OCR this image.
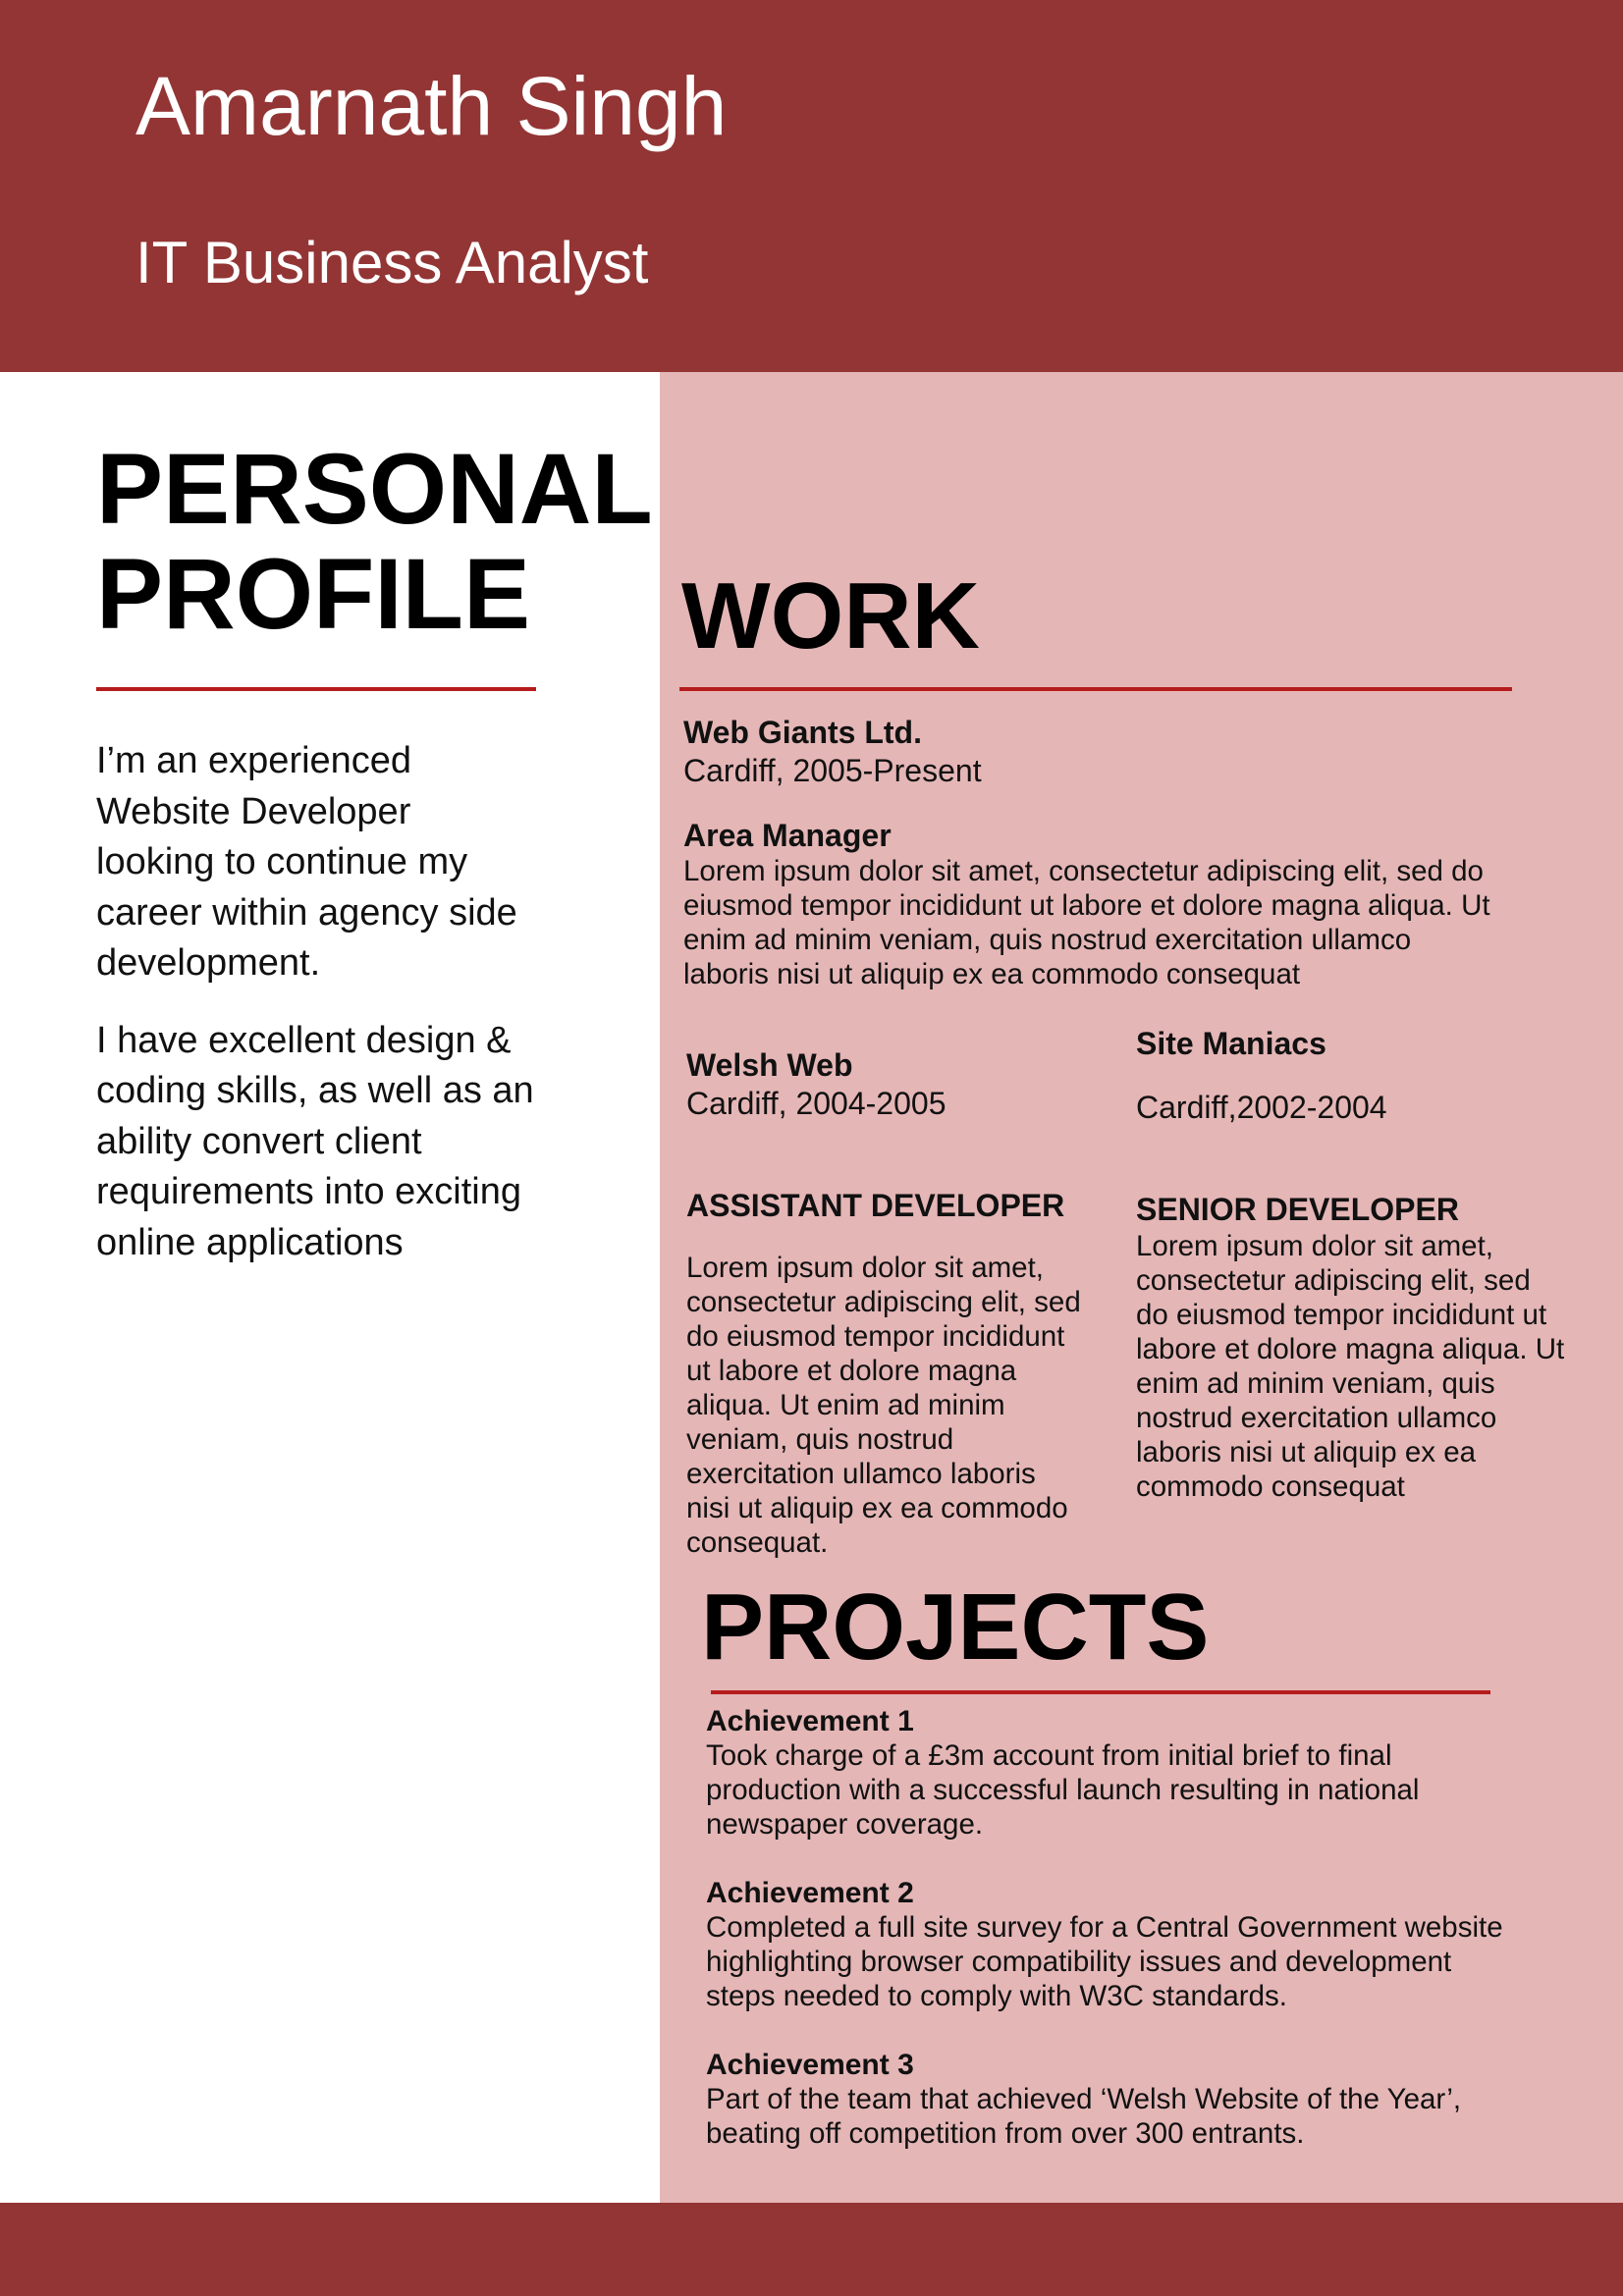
Amarnath Singh
IT Business Analyst
PERSONAL
PROFILE

I’m an experienced
Website Developer
looking to continue my
career within agency side
development.

I have excellent design &
coding skills, as well as an
ability convert client
requirements into exciting
online applications

WORK
Web Giants Ltd.
Cardiff, 2005-Present
Area Manager
Lorem ipsum dolor sit amet, consectetur adipiscing elit, sed do
eiusmod tempor incididunt ut labore et dolore magna aliqua. Ut
enim ad minim veniam, quis nostrud exercitation ullamco
laboris nisi ut aliquip ex ea commodo consequat
Welsh Web
Cardiff, 2004-2005
ASSISTANT DEVELOPER
Lorem ipsum dolor sit amet,
consectetur adipiscing elit, sed
do eiusmod tempor incididunt
ut labore et dolore magna
aliqua. Ut enim ad minim
veniam, quis nostrud
exercitation ullamco laboris
nisi ut aliquip ex ea commodo
consequat.
Site Maniacs
Cardiff,2002-2004
SENIOR DEVELOPER
Lorem ipsum dolor sit amet,
consectetur adipiscing elit, sed
do eiusmod tempor incididunt ut
labore et dolore magna aliqua. Ut
enim ad minim veniam, quis
nostrud exercitation ullamco
laboris nisi ut aliquip ex ea
commodo consequat
PROJECTS
Achievement 1
Took charge of a £3m account from initial brief to final
production with a successful launch resulting in national
newspaper coverage.
Achievement 2
Completed a full site survey for a Central Government website
highlighting browser compatibility issues and development
steps needed to comply with W3C standards.
Achievement 3
Part of the team that achieved ‘Welsh Website of the Year’,
beating off competition from over 300 entrants.
